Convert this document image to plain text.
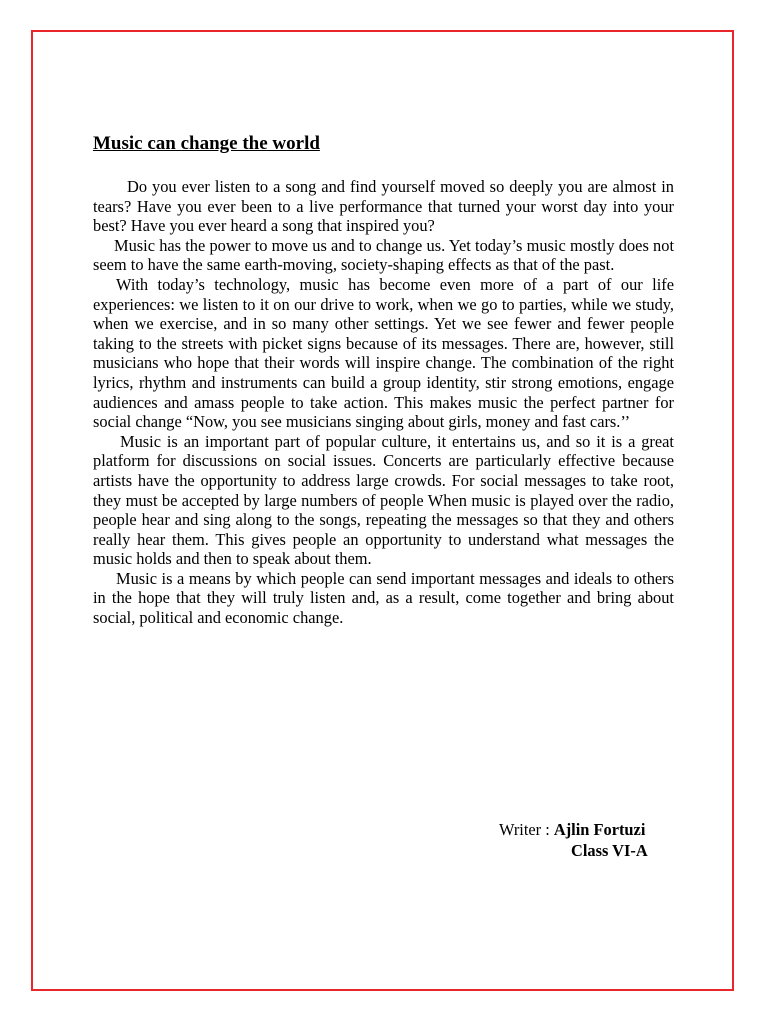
Music can change the world

Do you ever listen to a song and find yourself moved so deeply you are almost in tears? Have you ever been to a live performance that turned your worst day into your best? Have you ever heard a song that inspired you?

Music has the power to move us and to change us. Yet today’s music mostly does not seem to have the same earth-moving, society-shaping effects as that of the past.

With today’s technology, music has become even more of a part of our life experiences: we listen to it on our drive to work, when we go to parties, while we study, when we exercise, and in so many other settings. Yet we see fewer and fewer people taking to the streets with picket signs because of its messages. There are, however, still musicians who hope that their words will inspire change. The combination of the right lyrics, rhythm and instruments can build a group identity, stir strong emotions, engage audiences and amass people to take action. This makes music the perfect partner for social change “Now, you see musicians singing about girls, money and fast cars.’’

Music is an important part of popular culture, it entertains us, and so it is a great platform for discussions on social issues. Concerts are particularly effective because artists have the opportunity to address large crowds. For social messages to take root, they must be accepted by large numbers of people When music is played over the radio, people hear and sing along to the songs, repeating the messages so that they and others really hear them. This gives people an opportunity to understand what messages the music holds and then to speak about them.

Music is a means by which people can send important messages and ideals to others in the hope that they will truly listen and, as a result, come together and bring about social, political and economic change.

Writer : Ajlin Fortuzi
Class VI-A
